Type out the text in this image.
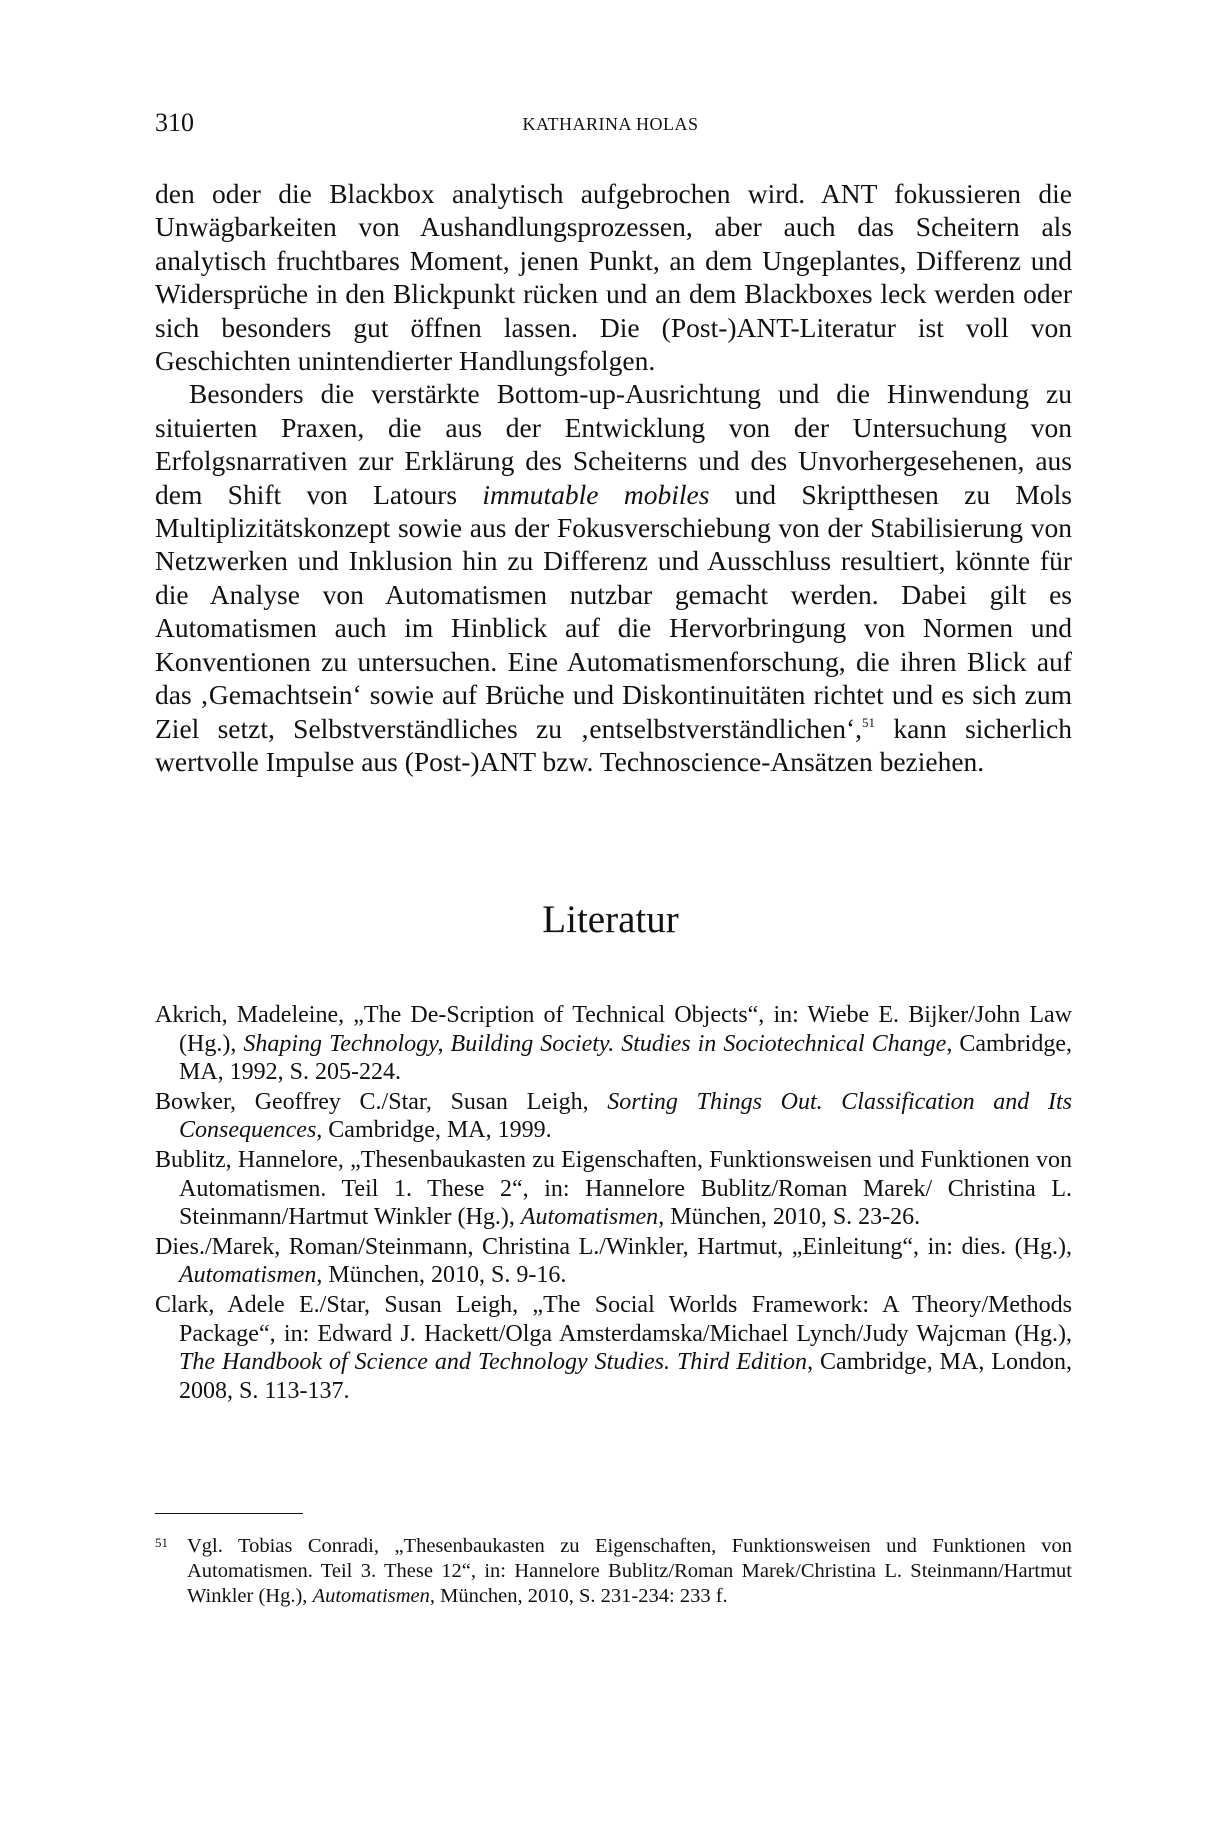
310	KATHARINA HOLAS

den oder die Blackbox analytisch aufgebrochen wird. ANT fokussieren die Unwägbarkeiten von Aushandlungsprozessen, aber auch das Scheitern als analytisch fruchtbares Moment, jenen Punkt, an dem Ungeplantes, Differenz und Widersprüche in den Blickpunkt rücken und an dem Blackboxes leck werden oder sich besonders gut öffnen lassen. Die (Post-)ANT-Literatur ist voll von Geschichten unintendierter Handlungsfolgen.

Besonders die verstärkte Bottom-up-Ausrichtung und die Hinwendung zu situierten Praxen, die aus der Entwicklung von der Untersuchung von Erfolgsnarrativen zur Erklärung des Scheiterns und des Unvorhergesehenen, aus dem Shift von Latours immutable mobiles und Skriptthesen zu Mols Multiplizitätskonzept sowie aus der Fokusverschiebung von der Stabilisierung von Netzwerken und Inklusion hin zu Differenz und Ausschluss resultiert, könnte für die Analyse von Automatismen nutzbar gemacht werden. Dabei gilt es Automatismen auch im Hinblick auf die Hervorbringung von Normen und Konventionen zu untersuchen. Eine Automatismenforschung, die ihren Blick auf das ‚Gemachtsein‘ sowie auf Brüche und Diskontinuitäten richtet und es sich zum Ziel setzt, Selbstverständliches zu ‚entselbstverständlichen‘,$^{51}$ kann sicherlich wertvolle Impulse aus (Post-)ANT bzw. Technoscience-Ansätzen beziehen.

Literatur
Akrich, Madeleine, „The De-Scription of Technical Objects“, in: Wiebe E. Bijker/John Law (Hg.), Shaping Technology, Building Society. Studies in Sociotechnical Change, Cambridge, MA, 1992, S. 205-224.
Bowker, Geoffrey C./Star, Susan Leigh, Sorting Things Out. Classification and Its Consequences, Cambridge, MA, 1999.
Bublitz, Hannelore, „Thesenbaukasten zu Eigenschaften, Funktionsweisen und Funktionen von Automatismen. Teil 1. These 2“, in: Hannelore Bublitz/Roman Marek/ Christina L. Steinmann/Hartmut Winkler (Hg.), Automatismen, München, 2010, S. 23-26.
Dies./Marek, Roman/Steinmann, Christina L./Winkler, Hartmut, „Einleitung“, in: dies. (Hg.), Automatismen, München, 2010, S. 9-16.
Clark, Adele E./Star, Susan Leigh, „The Social Worlds Framework: A Theory/Methods Package“, in: Edward J. Hackett/Olga Amsterdamska/Michael Lynch/Judy Wajcman (Hg.), The Handbook of Science and Technology Studies. Third Edition, Cambridge, MA, London, 2008, S. 113-137.
51 Vgl. Tobias Conradi, „Thesenbaukasten zu Eigenschaften, Funktionsweisen und Funktionen von Automatismen. Teil 3. These 12“, in: Hannelore Bublitz/Roman Marek/Christina L. Steinmann/Hartmut Winkler (Hg.), Automatismen, München, 2010, S. 231-234: 233 f.
